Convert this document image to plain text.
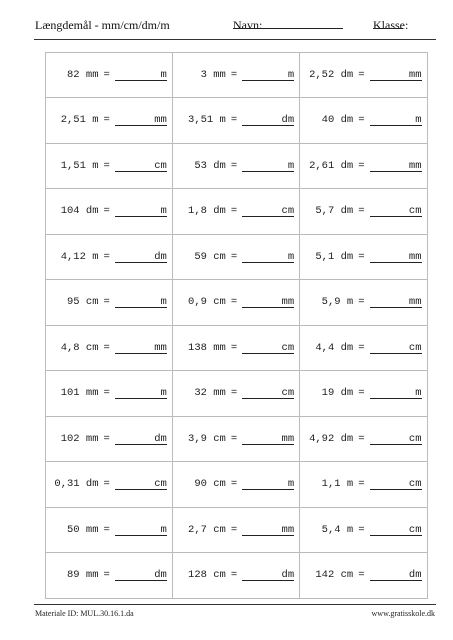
Længdemål - mm/cm/dm/m	Navn:	Klasse:
82 mm =	m	3 mm =	m 2,52 dm =	mm
2,51 m =	mm 3,51 m =	dm	40 dm =	m
1,51 m =	cm	53 dm =	m 2,61 dm =	mm
104 dm =	m 1,8 dm =	cm 5,7 dm =	cm
4,12 m =	dm	59 cm =	m 5,1 dm =	mm
95 cm =	m 0,9 cm =	mm	5,9 m =	mm
4,8 cm =	mm 138 mm =	cm 4,4 dm =	cm
101 mm =	m	32 mm =	cm	19 dm =	m
102 mm =	dm 3,9 cm =	mm 4,92 dm =	cm
0,31 dm =	cm	90 cm =	m	1,1 m =	cm
50 mm =	m 2,7 cm =	mm	5,4 m =	cm
89 mm =	dm 128 cm =	dm 142 cm =	dm
Materiale ID: MUL.30.16.1.da	www.gratisskole.dk
